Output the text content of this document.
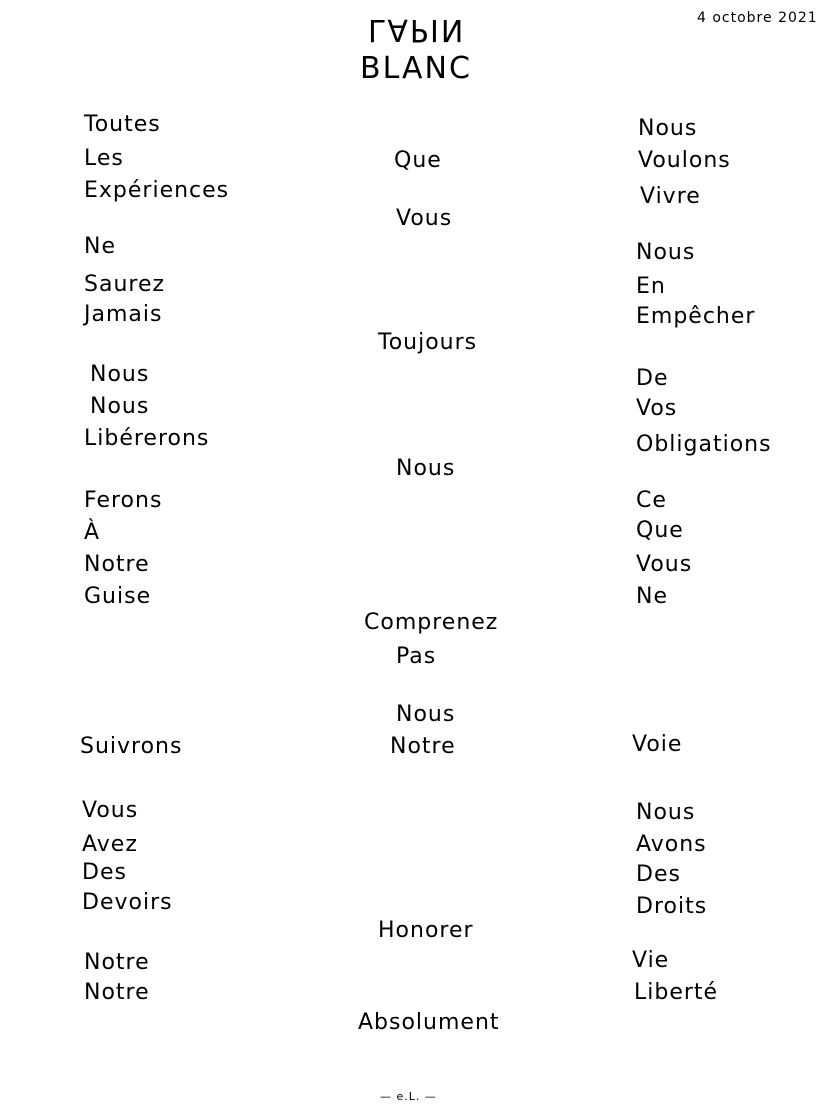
LAPIN
BLANC
4 octobre 2021
Toutes
Les
Expériences
Ne
Saurez
Jamais
Nous
Nous
Libérerons
Ferons
À
Notre
Guise
Suivrons
Vous
Avez
Des
Devoirs
Notre
Notre
Que
Vous
Toujours
Nous
Comprenez
Pas
Nous
Notre
Honorer
Absolument
Nous
Voulons
Vivre
Nous
En
Empêcher
De
Vos
Obligations
Ce
Que
Vous
Ne
Voie
Nous
Avons
Des
Droits
Vie
Liberté
— e.L. —
